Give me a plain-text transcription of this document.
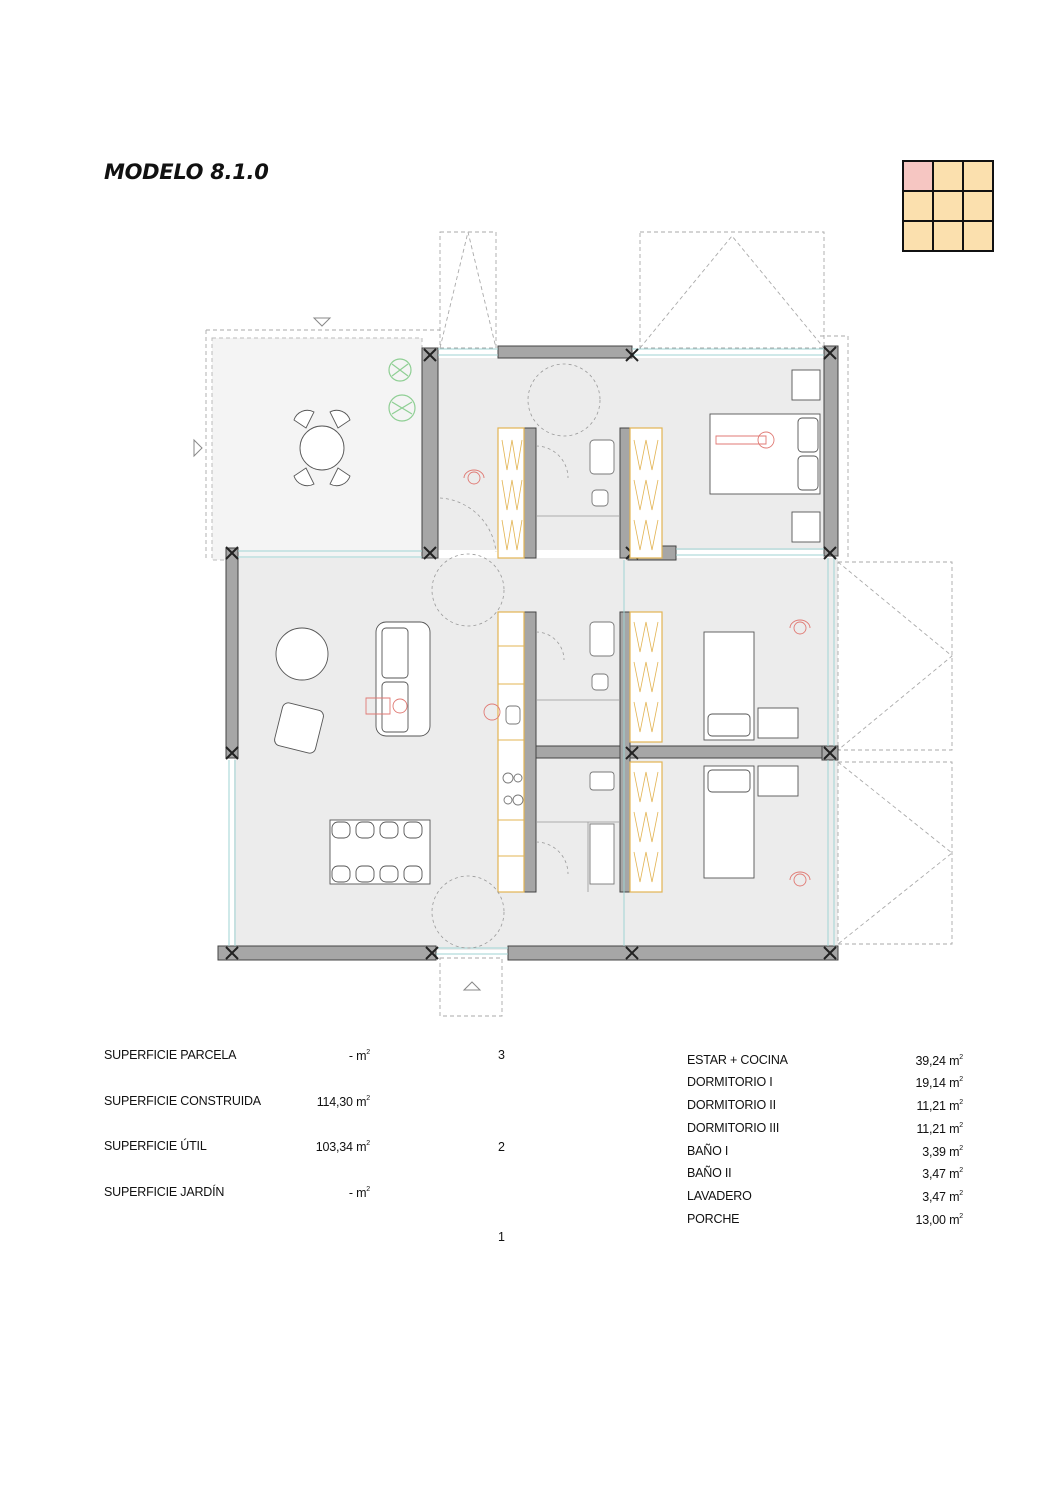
MODELO 8.1.0
SUPERFICIE PARCELA	- $m^2$
SUPERFICIE CONSTRUIDA	114,30 $m^2$
SUPERFICIE ÚTIL	103,34 $m^2$
SUPERFICIE JARDÍN	- $m^2$
3
2
1
ESTAR + COCINA	39,24 $m^2$
DORMITORIO I	19,14 $m^2$
DORMITORIO II	11,21 $m^2$
DORMITORIO III	11,21 $m^2$
BAÑO I	3,39 $m^2$
BAÑO II	3,47 $m^2$
LAVADERO	3,47 $m^2$
PORCHE	13,00 $m^2$
